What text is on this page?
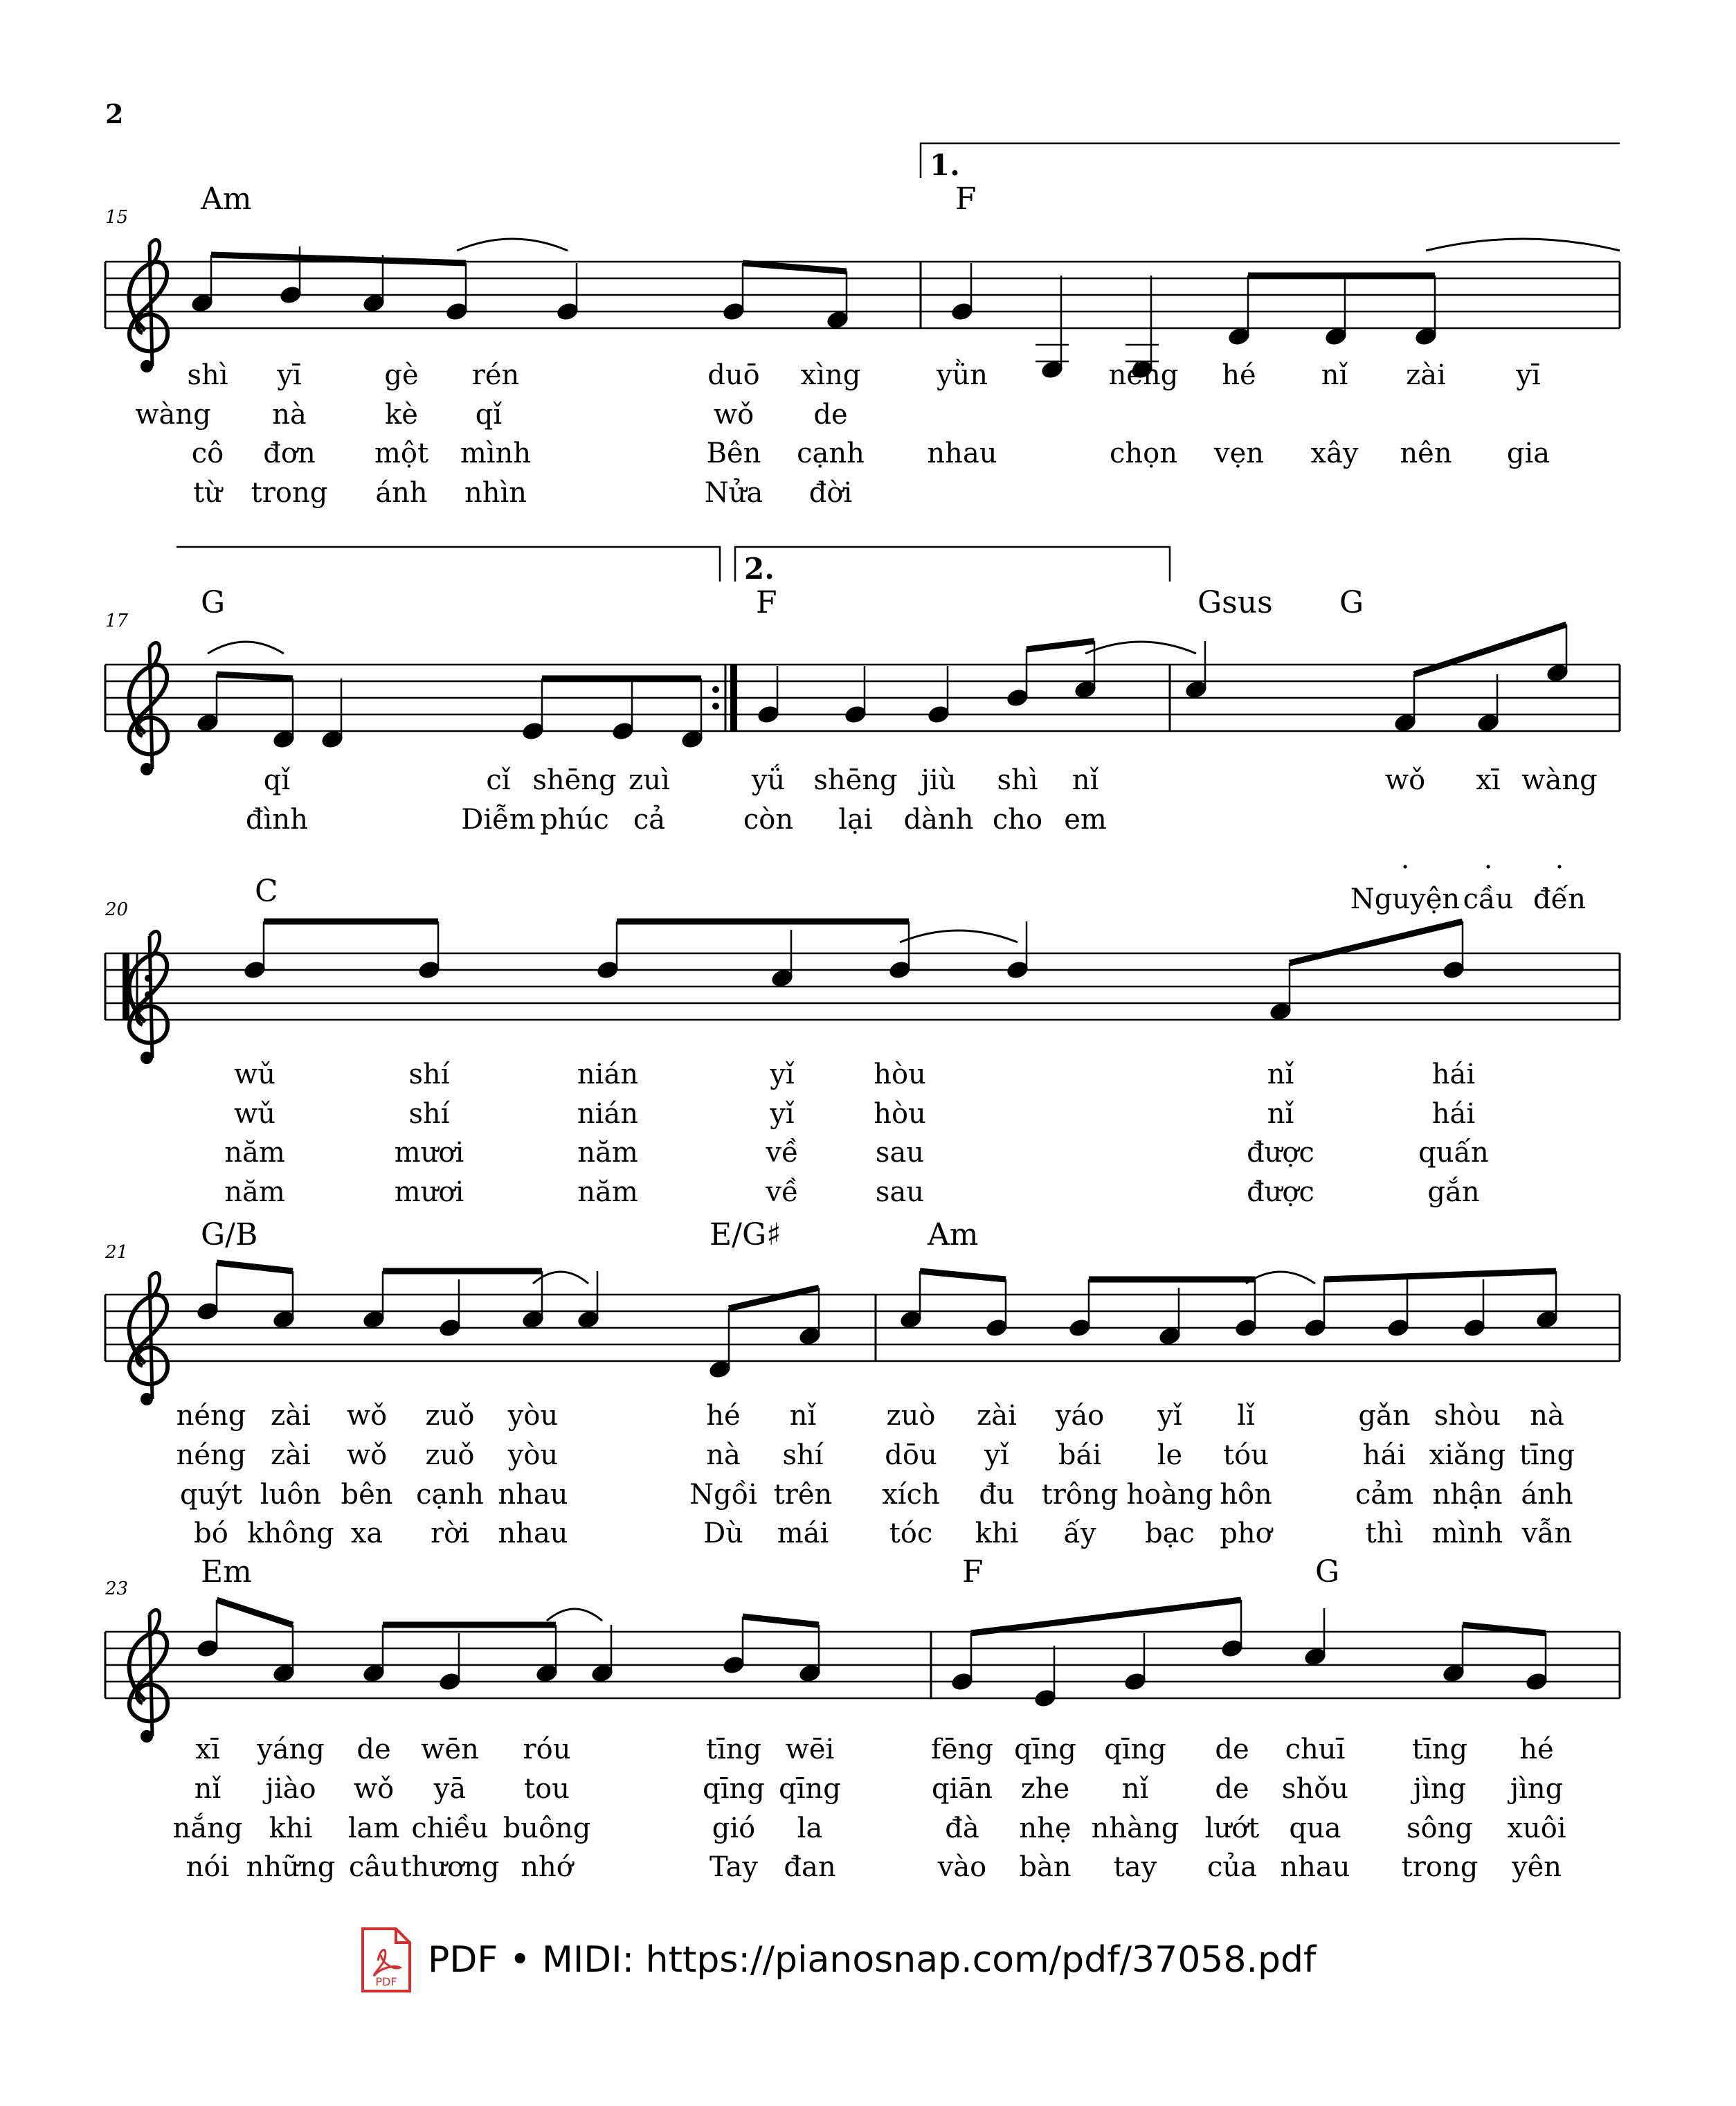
2
15
Am	F
1.
shì yī	gè rén	duō xìng	yǜn	néng hé nǐ zài	yī
wàng nà	kè qǐ	wǒ de
cô đơn một mình	Bên cạnh nhau	chọn vẹn xây nên gia
từ trong ánh nhìn	Nửa đời
17
G	F	Gsus G
2.
qǐ	cǐ shēng zuì	yǘ shēng jiù shì nǐ	wǒ xī wàng
đình	Diễm phúc cả	còn lại dành cho em
.	. .
Nguyện cầu đến
20
C
wǔ	shí	nián	yǐ	hòu	nǐ	hái
wǔ	shí	nián	yǐ	hòu	nǐ	hái
năm	mươi	năm	về	sau	được	quấn
năm	mươi	năm	về	sau	được	gắn
21 G/B	E/G♯	Am
néng zài wǒ zuǒ yòu	hé nǐ	zuò zài yáo yǐ lǐ	gǎn shòu nà
néng zài wǒ zuǒ yòu	nà shí dōu yǐ bái le tóu	hái xiǎng tīng
quýt luôn bên cạnh nhau	Ngồi trên xích đu trông hoàng hôn	cảm nhận ánh
bó không xa rời nhau	Dù mái tóc khi ấy bạc phơ	thì mình vẫn
23 Em	F	G
xī yáng de wēn róu	tīng wēi	fēng qīng qīng de chuī tīng hé
nǐ jiào wǒ yā tou	qīng qīng	qiān zhe nǐ de shǒu jìng jìng
nắng khi lam chiều buông	gió la	đà nhẹ nhàng lướt qua sông xuôi
nói những câu thương nhớ	Tay đan	vào bàn tay của nhau trong yên
PDF
PDF • MIDI: https://pianosnap.com/pdf/37058.pdf
